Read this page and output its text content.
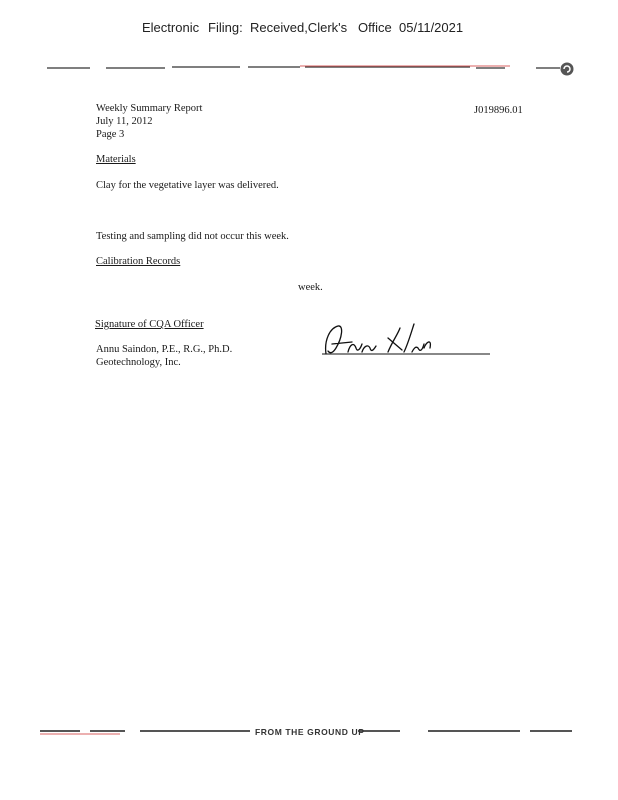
Electronic Filing: Received,Clerk's Office 05/11/2021
Weekly Summary Report
July 11, 2012
Page 3
J019896.01
Materials
Clay for the vegetative layer was delivered.
Testing and sampling did not occur this week.
Calibration Records
week.
Signature of CQA Officer
Annu Saindon, P.E., R.G., Ph.D.
Geotechnology, Inc.
FROM THE GROUND UP
